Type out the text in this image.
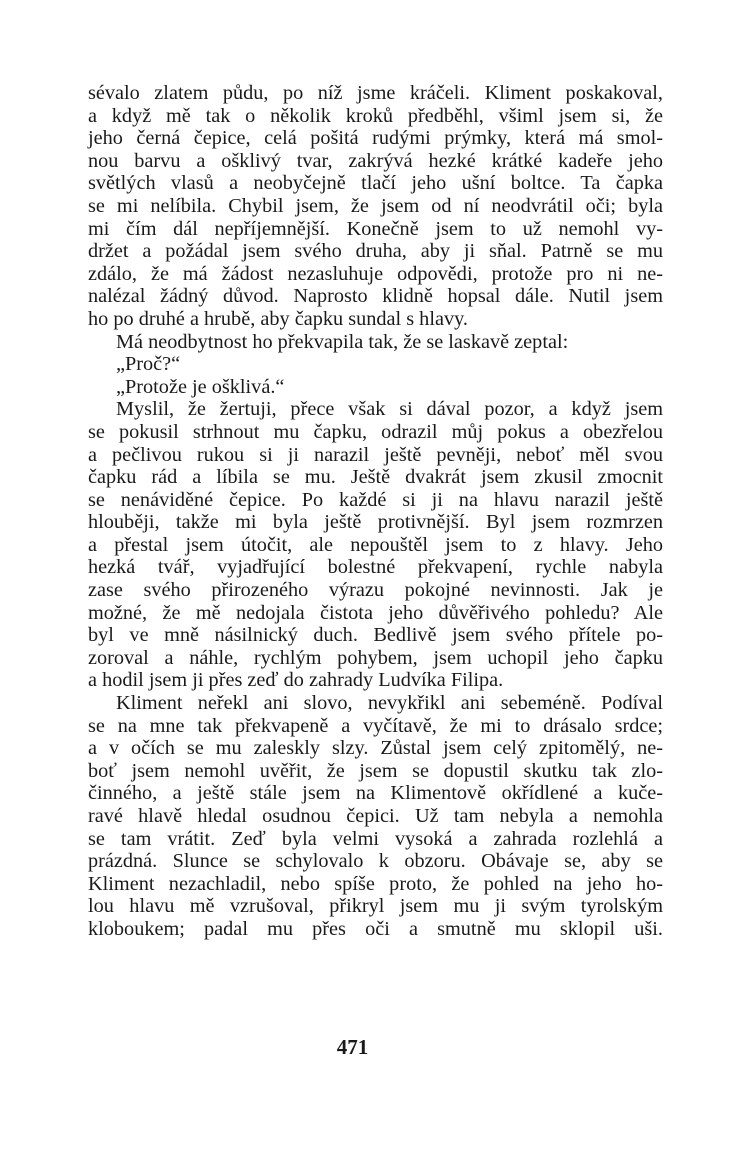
sévalo zlatem půdu, po níž jsme kráčeli. Kliment poskakoval,
a když mě tak o několik kroků předběhl, všiml jsem si, že
jeho černá čepice, celá pošitá rudými prýmky, která má smol-
nou barvu a ošklivý tvar, zakrývá hezké krátké kadeře jeho
světlých vlasů a neobyčejně tlačí jeho ušní boltce. Ta čapka
se mi nelíbila. Chybil jsem, že jsem od ní neodvrátil oči; byla
mi čím dál nepříjemnější. Konečně jsem to už nemohl vy-
držet a požádal jsem svého druha, aby ji sňal. Patrně se mu
zdálo, že má žádost nezasluhuje odpovědi, protože pro ni ne-
nalézal žádný důvod. Naprosto klidně hopsal dále. Nutil jsem
ho po druhé a hrubě, aby čapku sundal s hlavy.
Má neodbytnost ho překvapila tak, že se laskavě zeptal:
„Proč?“
„Protože je ošklivá.“
Myslil, že žertuji, přece však si dával pozor, a když jsem
se pokusil strhnout mu čapku, odrazil můj pokus a obezřelou
a pečlivou rukou si ji narazil ještě pevněji, neboť měl svou
čapku rád a líbila se mu. Ještě dvakrát jsem zkusil zmocnit
se nenáviděné čepice. Po každé si ji na hlavu narazil ještě
hlouběji, takže mi byla ještě protivnější. Byl jsem rozmrzen
a přestal jsem útočit, ale nepouštěl jsem to z hlavy. Jeho
hezká tvář, vyjadřující bolestné překvapení, rychle nabyla
zase svého přirozeného výrazu pokojné nevinnosti. Jak je
možné, že mě nedojala čistota jeho důvěřivého pohledu? Ale
byl ve mně násilnický duch. Bedlivě jsem svého přítele po-
zoroval a náhle, rychlým pohybem, jsem uchopil jeho čapku
a hodil jsem ji přes zeď do zahrady Ludvíka Filipa.
Kliment neřekl ani slovo, nevykřikl ani sebeméně. Podíval
se na mne tak překvapeně a vyčítavě, že mi to drásalo srdce;
a v očích se mu zaleskly slzy. Zůstal jsem celý zpitomělý, ne-
boť jsem nemohl uvěřit, že jsem se dopustil skutku tak zlo-
činného, a ještě stále jsem na Klimentově okřídlené a kuče-
ravé hlavě hledal osudnou čepici. Už tam nebyla a nemohla
se tam vrátit. Zeď byla velmi vysoká a zahrada rozlehlá a
prázdná. Slunce se schylovalo k obzoru. Obávaje se, aby se
Kliment nezachladil, nebo spíše proto, že pohled na jeho ho-
lou hlavu mě vzrušoval, přikryl jsem mu ji svým tyrolským
kloboukem; padal mu přes oči a smutně mu sklopil uši.
471
